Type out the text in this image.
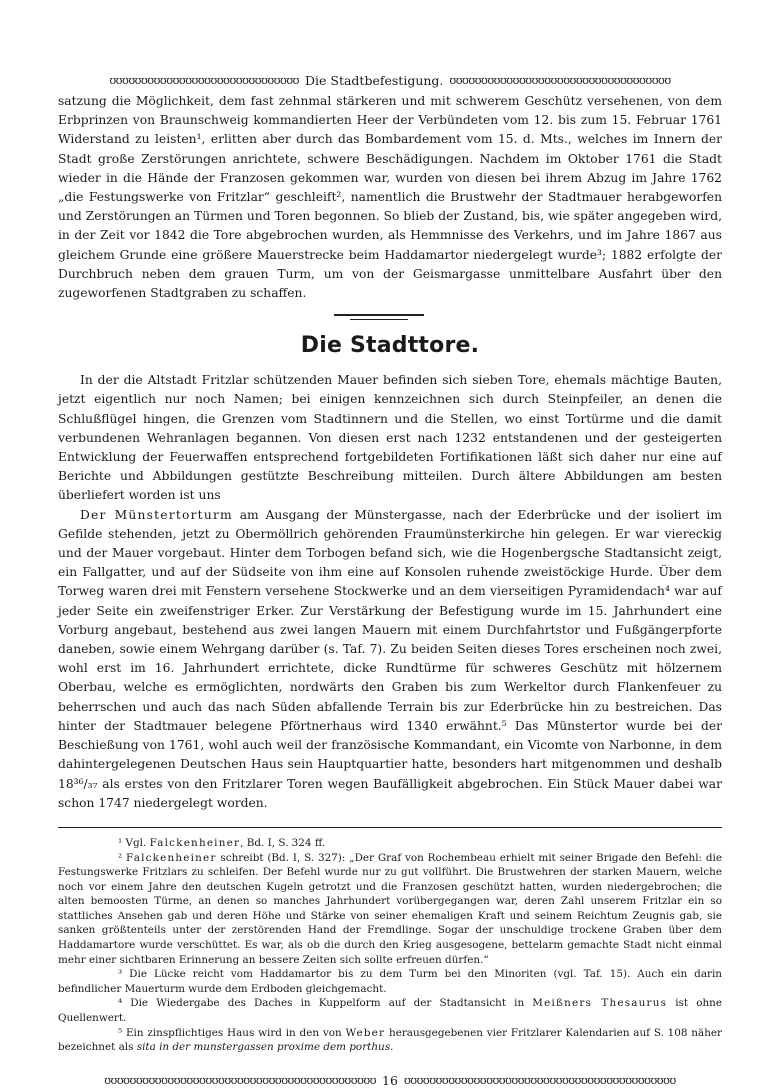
ʊʊʊʊʊʊʊʊʊʊʊʊʊʊʊʊʊʊʊʊʊʊʊʊʊʊʊʊʊʊ Die Stadtbefestigung. ʊʊʊʊʊʊʊʊʊʊʊʊʊʊʊʊʊʊʊʊʊʊʊʊʊʊʊʊʊʊʊʊʊʊʊ

satzung die Möglichkeit, dem fast zehnmal stärkeren und mit schwerem Geschütz versehenen, von dem Erbprinzen von Braunschweig kommandierten Heer der Verbündeten vom 12. bis zum 15. Februar 1761 Widerstand zu leisten¹, erlitten aber durch das Bombardement vom 15. d. Mts., welches im Innern der Stadt große Zerstörungen anrichtete, schwere Beschädigungen. Nachdem im Oktober 1761 die Stadt wieder in die Hände der Franzosen gekommen war, wurden von diesen bei ihrem Abzug im Jahre 1762 „die Festungswerke von Fritzlar“ geschleift², namentlich die Brustwehr der Stadtmauer herabgeworfen und Zerstörungen an Türmen und Toren begonnen. So blieb der Zustand, bis, wie später angegeben wird, in der Zeit vor 1842 die Tore abgebrochen wurden, als Hemmnisse des Verkehrs, und im Jahre 1867 aus gleichem Grunde eine größere Mauerstrecke beim Haddamartor niedergelegt wurde³; 1882 erfolgte der Durchbruch neben dem grauen Turm, um von der Geismargasse unmittelbare Ausfahrt über den zugeworfenen Stadtgraben zu schaffen.

Die Stadttore.

In der die Altstadt Fritzlar schützenden Mauer befinden sich sieben Tore, ehemals mächtige Bauten, jetzt eigentlich nur noch Namen; bei einigen kennzeichnen sich durch Steinpfeiler, an denen die Schlußflügel hingen, die Grenzen vom Stadtinnern und die Stellen, wo einst Tortürme und die damit verbundenen Wehranlagen begannen. Von diesen erst nach 1232 entstandenen und der gesteigerten Entwicklung der Feuerwaffen entsprechend fortgebildeten Fortifikationen läßt sich daher nur eine auf Berichte und Abbildungen gestützte Beschreibung mitteilen. Durch ältere Abbildungen am besten überliefert worden ist uns

Der Münstertorturm am Ausgang der Münstergasse, nach der Ederbrücke und der isoliert im Gefilde stehenden, jetzt zu Obermöllrich gehörenden Fraumünsterkirche hin gelegen. Er war viereckig und der Mauer vorgebaut. Hinter dem Torbogen befand sich, wie die Hogenbergsche Stadtansicht zeigt, ein Fallgatter, und auf der Südseite von ihm eine auf Konsolen ruhende zweistöckige Hurde. Über dem Torweg waren drei mit Fenstern versehene Stockwerke und an dem vierseitigen Pyramidendach⁴ war auf jeder Seite ein zweifenstriger Erker. Zur Verstärkung der Befestigung wurde im 15. Jahrhundert eine Vorburg angebaut, bestehend aus zwei langen Mauern mit einem Durchfahrtstor und Fußgängerpforte daneben, sowie einem Wehrgang darüber (s. Taf. 7). Zu beiden Seiten dieses Tores erscheinen noch zwei, wohl erst im 16. Jahrhundert errichtete, dicke Rundtürme für schweres Geschütz mit hölzernem Oberbau, welche es ermöglichten, nordwärts den Graben bis zum Werkeltor durch Flankenfeuer zu beherrschen und auch das nach Süden abfallende Terrain bis zur Ederbrücke hin zu bestreichen. Das hinter der Stadtmauer belegene Pförtnerhaus wird 1340 erwähnt.⁵ Das Münstertor wurde bei der Beschießung von 1761, wohl auch weil der französische Kommandant, ein Vicomte von Narbonne, in dem dahintergelegenen Deutschen Haus sein Hauptquartier hatte, besonders hart mitgenommen und deshalb 18³⁶/₃₇ als erstes von den Fritzlarer Toren wegen Baufälligkeit abgebrochen. Ein Stück Mauer dabei war schon 1747 niedergelegt worden.

¹ Vgl. Falckenheiner, Bd. I, S. 324 ff.

² Falckenheiner schreibt (Bd. I, S. 327): „Der Graf von Rochembeau erhielt mit seiner Brigade den Befehl: die Festungswerke Fritzlars zu schleifen. Der Befehl wurde nur zu gut vollführt. Die Brustwehren der starken Mauern, welche noch vor einem Jahre den deutschen Kugeln getrotzt und die Franzosen geschützt hatten, wurden niedergebrochen; die alten bemoosten Türme, an denen so manches Jahrhundert vorübergegangen war, deren Zahl unserem Fritzlar ein so stattliches Ansehen gab und deren Höhe und Stärke von seiner ehemaligen Kraft und seinem Reichtum Zeugnis gab, sie sanken größtenteils unter der zerstörenden Hand der Fremdlinge. Sogar der unschuldige trockene Graben über dem Haddamartore wurde verschüttet. Es war, als ob die durch den Krieg ausgesogene, bettelarm gemachte Stadt nicht einmal mehr einer sichtbaren Erinnerung an bessere Zeiten sich sollte erfreuen dürfen.“

³ Die Lücke reicht vom Haddamartor bis zu dem Turm bei den Minoriten (vgl. Taf. 15). Auch ein darin befindlicher Mauerturm wurde dem Erdboden gleichgemacht.

⁴ Die Wiedergabe des Daches in Kuppelform auf der Stadtansicht in Meißners Thesaurus ist ohne Quellenwert.

⁵ Ein zinspflichtiges Haus wird in den von Weber herausgegebenen vier Fritzlarer Kalendarien auf S. 108 näher bezeichnet als sita in der munstergassen proxime dem porthus.

ʊʊʊʊʊʊʊʊʊʊʊʊʊʊʊʊʊʊʊʊʊʊʊʊʊʊʊʊʊʊʊʊʊʊʊʊʊʊʊʊʊʊʊ 16 ʊʊʊʊʊʊʊʊʊʊʊʊʊʊʊʊʊʊʊʊʊʊʊʊʊʊʊʊʊʊʊʊʊʊʊʊʊʊʊʊʊʊʊ
